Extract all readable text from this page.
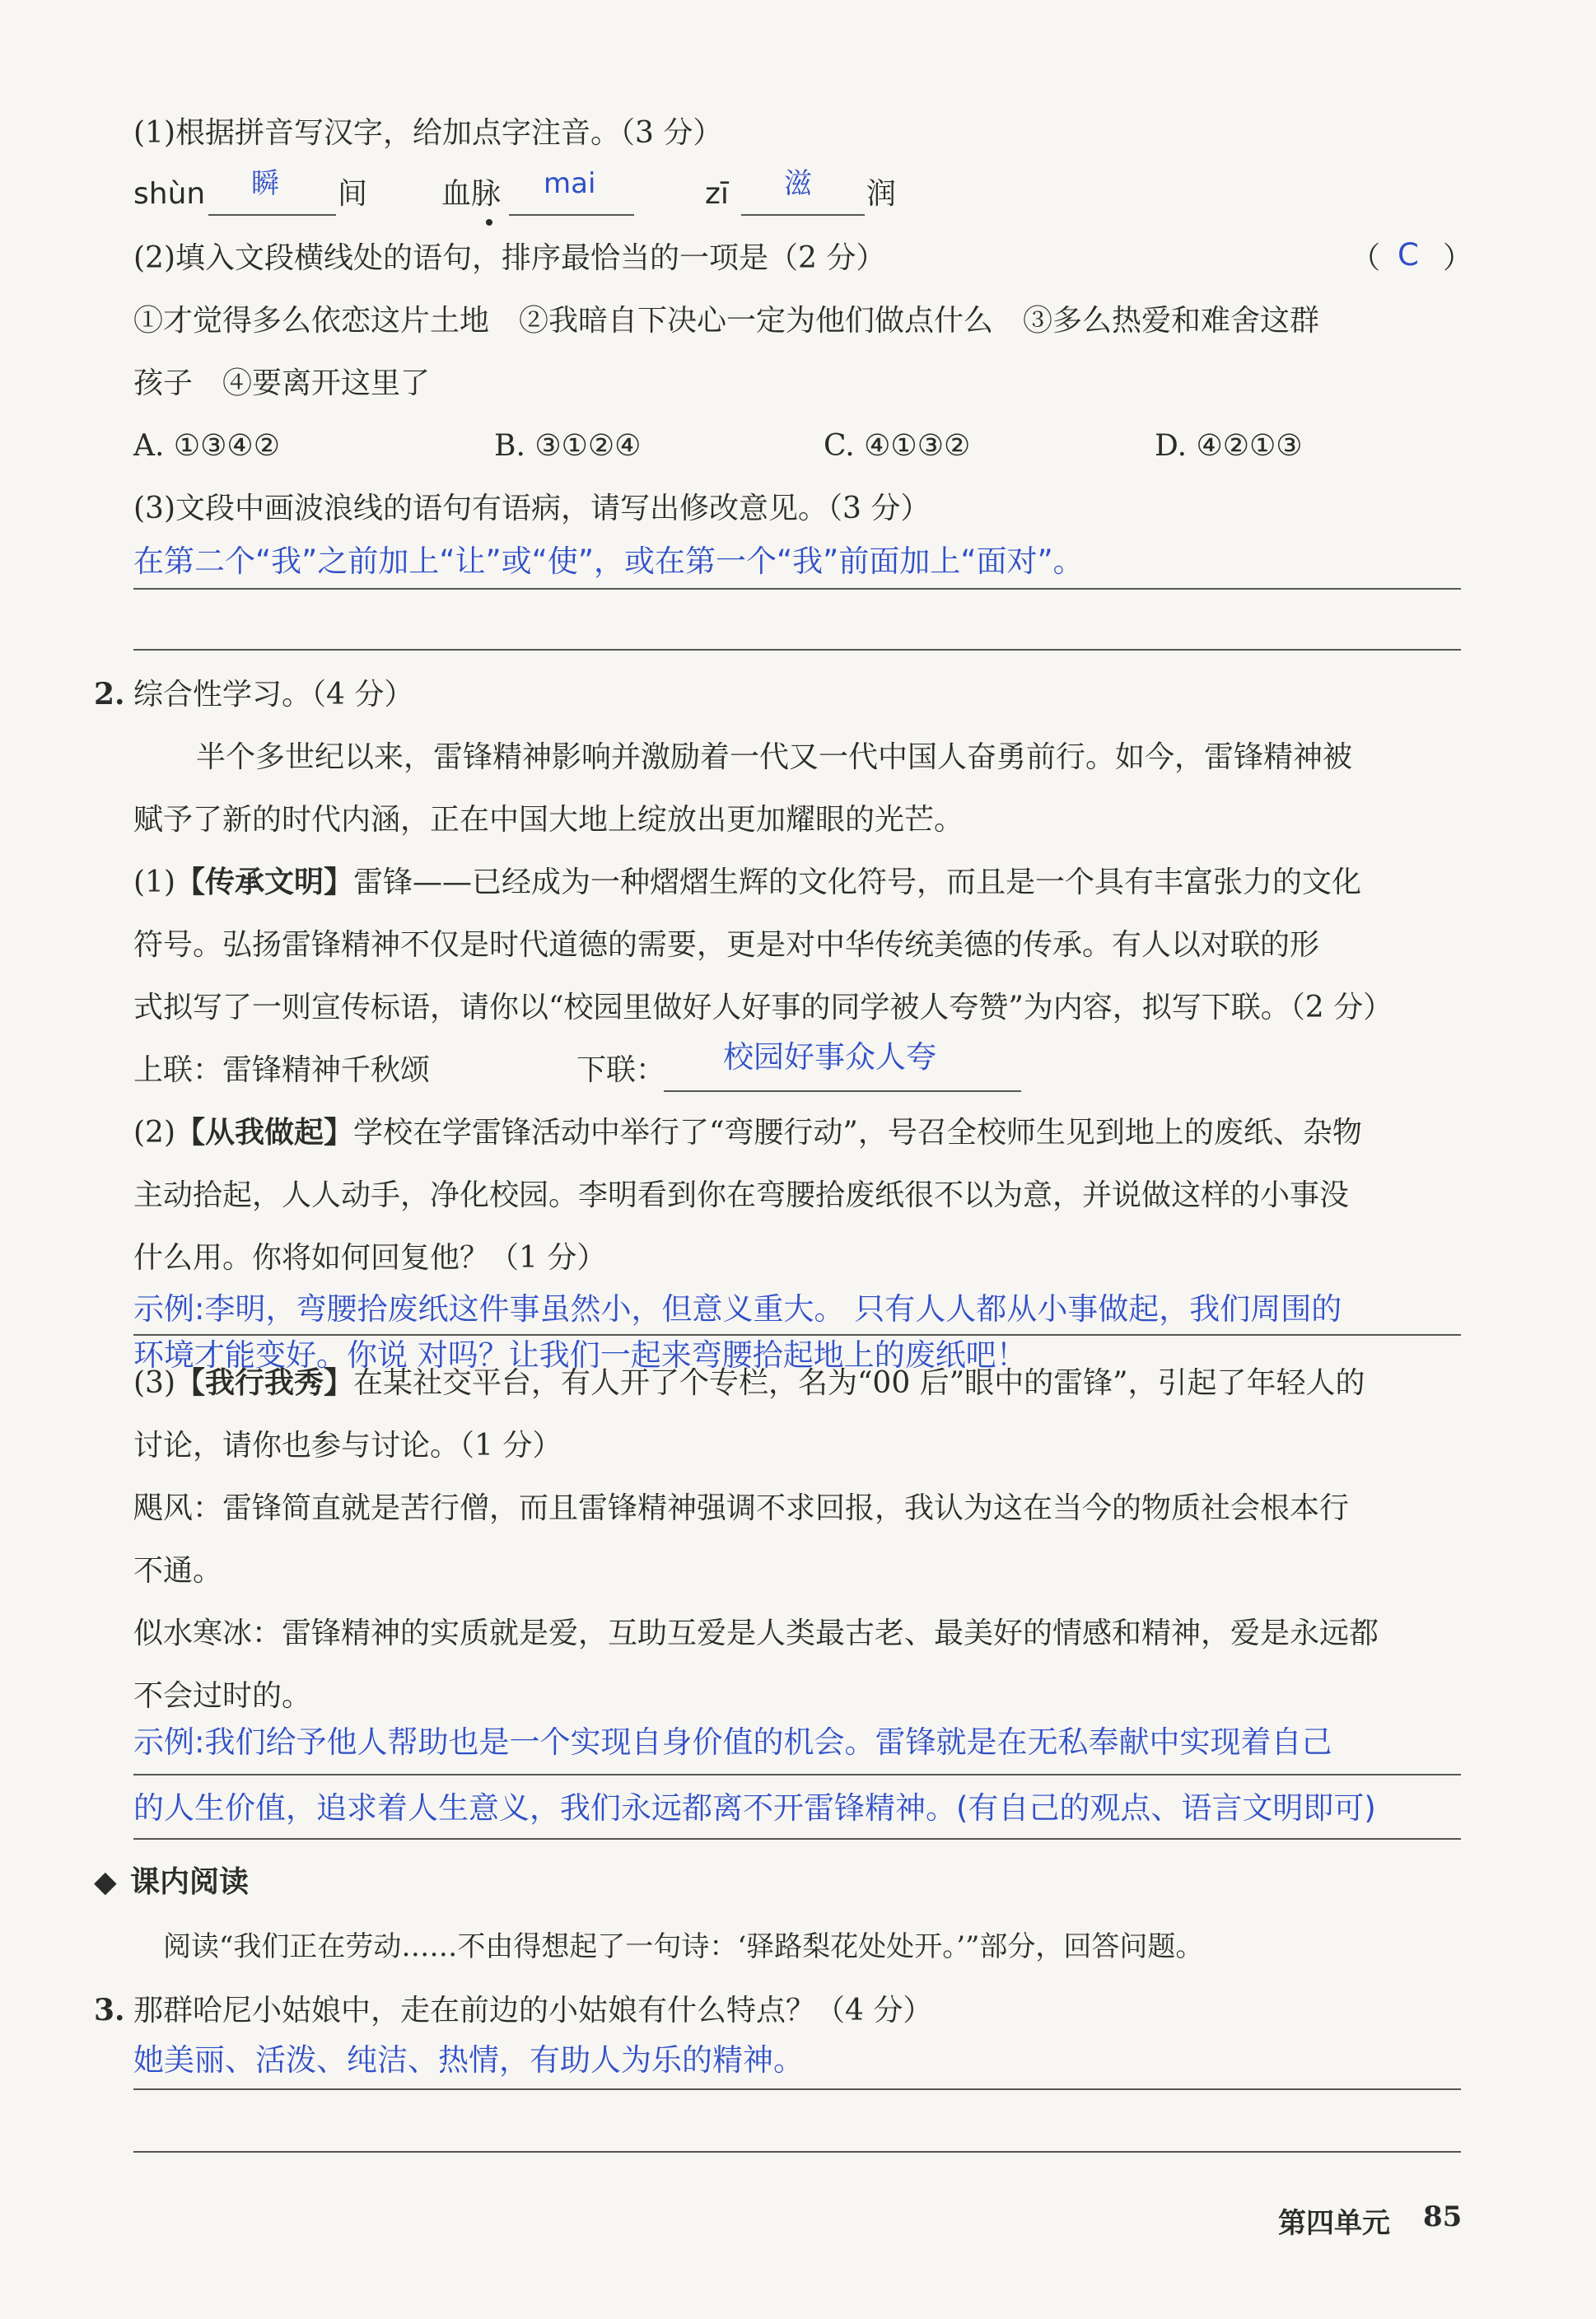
(1)根据拼音写汉字，给加点字注音。（3 分）
shùn 瞬 间 血脉 mai	zī 滋 润
(2)填入文段横线处的语句，排序最恰当的一项是（2 分）	（ C ）
①才觉得多么依恋这片土地　②我暗自下决心一定为他们做点什么　③多么热爱和难舍这群
孩子　④要离开这里了
A. ①③④②	B. ③①②④	C. ④①③②	D. ④②①③
(3)文段中画波浪线的语句有语病，请写出修改意见。（3 分）
在第二个“我”之前加上“让”或“使”，或在第一个“我”前面加上“面对”。
2. 综合性学习。（4 分）
半个多世纪以来，雷锋精神影响并激励着一代又一代中国人奋勇前行。如今，雷锋精神被
赋予了新的时代内涵，正在中国大地上绽放出更加耀眼的光芒。
(1)【传承文明】雷锋——已经成为一种熠熠生辉的文化符号，而且是一个具有丰富张力的文化
符号。弘扬雷锋精神不仅是时代道德的需要，更是对中华传统美德的传承。有人以对联的形
式拟写了一则宣传标语，请你以“校园里做好人好事的同学被人夸赞”为内容，拟写下联。（2 分）
上联：雷锋精神千秋颂	下联： 校园好事众人夸
(2)【从我做起】学校在学雷锋活动中举行了“弯腰行动”，号召全校师生见到地上的废纸、杂物
主动拾起，人人动手，净化校园。李明看到你在弯腰拾废纸很不以为意，并说做这样的小事没
什么用。你将如何回复他？（1 分）
示例:李明，弯腰拾废纸这件事虽然小，但意义重大。 只有人人都从小事做起，我们周围的
环境才能变好。你说 对吗？让我们一起来弯腰拾起地上的废纸吧！
(3)【我行我秀】在某社交平台，有人开了个专栏，名为“00 后”眼中的雷锋”，引起了年轻人的
讨论，请你也参与讨论。（1 分）
飓风：雷锋简直就是苦行僧，而且雷锋精神强调不求回报，我认为这在当今的物质社会根本行
不通。
似水寒冰：雷锋精神的实质就是爱，互助互爱是人类最古老、最美好的情感和精神，爱是永远都
不会过时的。
示例:我们给予他人帮助也是一个实现自身价值的机会。雷锋就是在无私奉献中实现着自己
的人生价值，追求着人生意义，我们永远都离不开雷锋精神。(有自己的观点、语言文明即可)
◆ 课内阅读
阅读“我们正在劳动……不由得想起了一句诗：‘驿路梨花处处开。’”部分，回答问题。
3. 那群哈尼小姑娘中，走在前边的小姑娘有什么特点？（4 分）
她美丽、活泼、纯洁、热情，有助人为乐的精神。
第四单元 85
